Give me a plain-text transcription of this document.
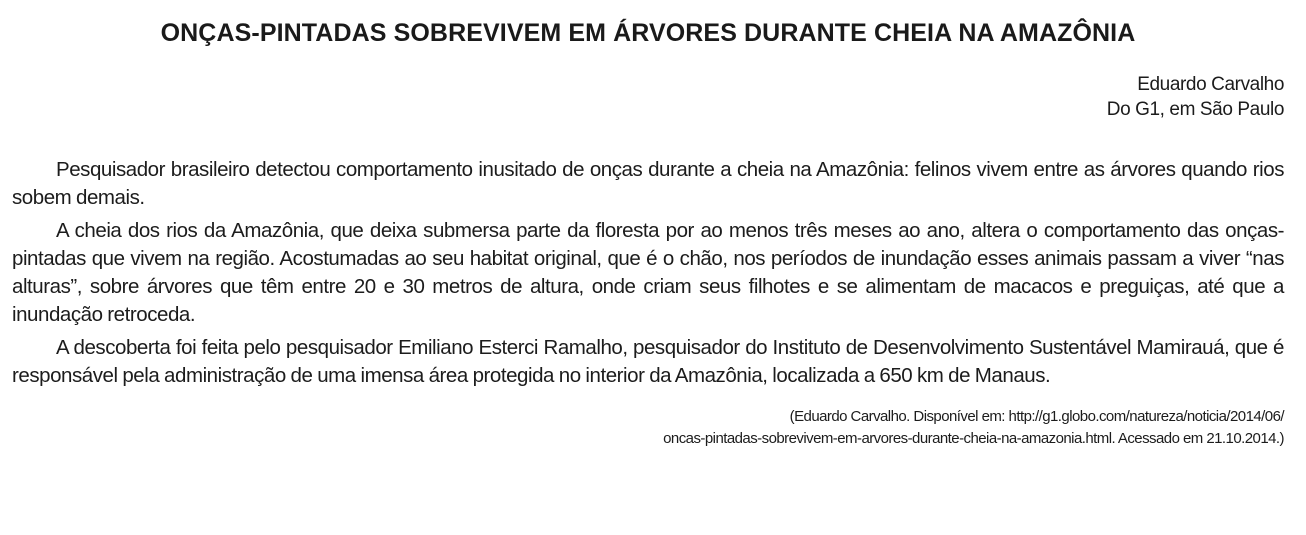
ONÇAS-PINTADAS SOBREVIVEM EM ÁRVORES DURANTE CHEIA NA AMAZÔNIA
Eduardo Carvalho
Do G1, em São Paulo

Pesquisador brasileiro detectou comportamento inusitado de onças durante a cheia na Amazônia: felinos vivem entre as árvores quando rios sobem demais.

A cheia dos rios da Amazônia, que deixa submersa parte da floresta por ao menos três meses ao ano, altera o comportamento das onças-pintadas que vivem na região. Acostumadas ao seu habitat original, que é o chão, nos períodos de inundação esses animais passam a viver “nas alturas”, sobre árvores que têm entre 20 e 30 metros de altura, onde criam seus filhotes e se alimentam de macacos e preguiças, até que a inundação retroceda.

A descoberta foi feita pelo pesquisador Emiliano Esterci Ramalho, pesquisador do Instituto de Desenvolvimento Sustentável Mamirauá, que é responsável pela administração de uma imensa área protegida no interior da Amazônia, localizada a 650 km de Manaus.

(Eduardo Carvalho. Disponível em: http://g1.globo.com/natureza/noticia/2014/06/
oncas-pintadas-sobrevivem-em-arvores-durante-cheia-na-amazonia.html. Acessado em 21.10.2014.)
